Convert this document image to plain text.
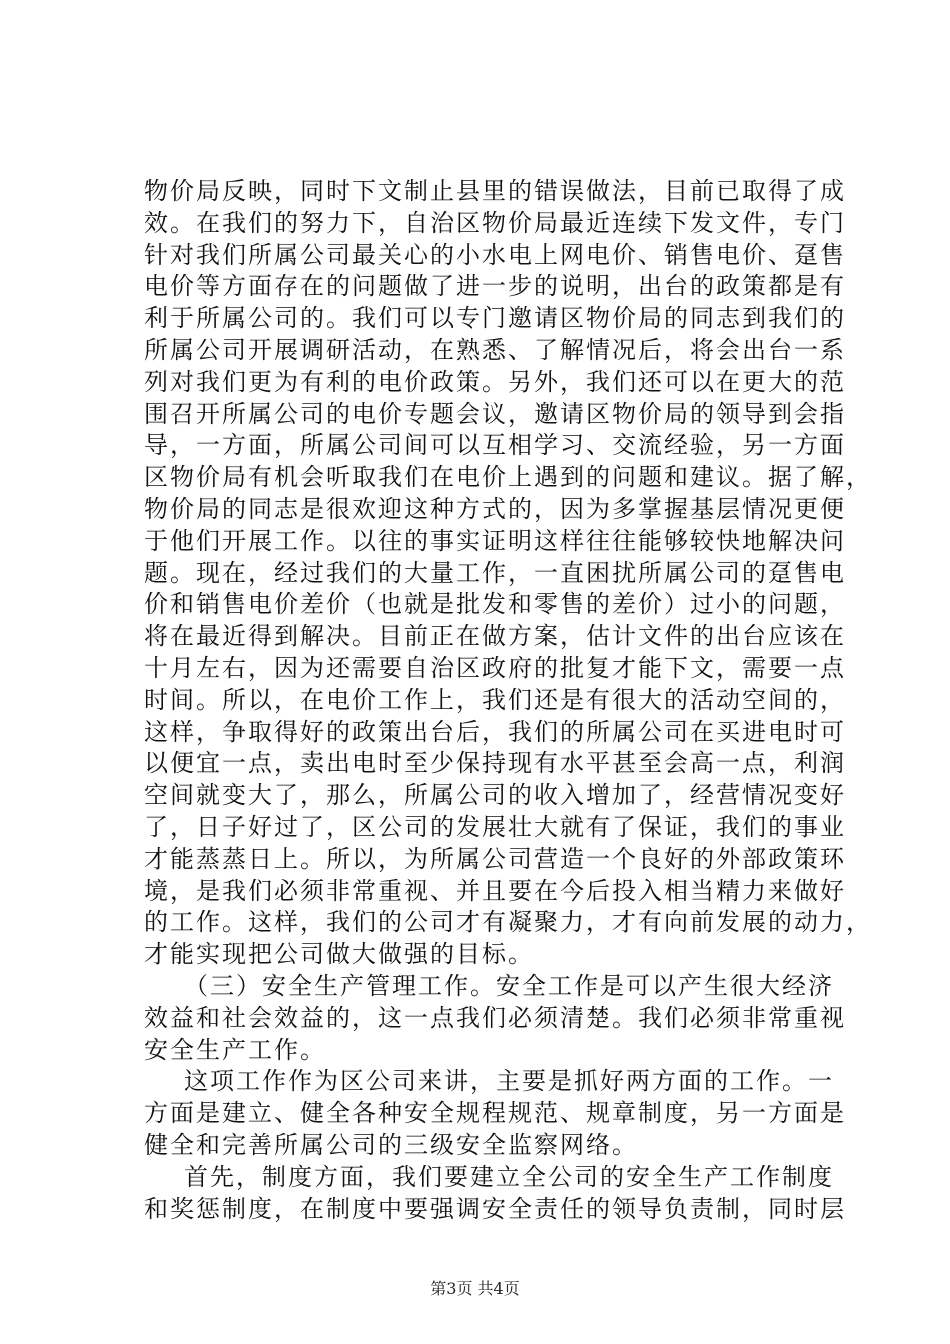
物价局反映，同时下文制止县里的错误做法，目前已取得了成
效。在我们的努力下，自治区物价局最近连续下发文件，专门
针对我们所属公司最关心的小水电上网电价、销售电价、趸售
电价等方面存在的问题做了进一步的说明，出台的政策都是有
利于所属公司的。我们可以专门邀请区物价局的同志到我们的
所属公司开展调研活动，在熟悉、了解情况后，将会出台一系
列对我们更为有利的电价政策。另外，我们还可以在更大的范
围召开所属公司的电价专题会议，邀请区物价局的领导到会指
导，一方面，所属公司间可以互相学习、交流经验，另一方面
区物价局有机会听取我们在电价上遇到的问题和建议。据了解，
物价局的同志是很欢迎这种方式的，因为多掌握基层情况更便
于他们开展工作。以往的事实证明这样往往能够较快地解决问
题。现在，经过我们的大量工作，一直困扰所属公司的趸售电
价和销售电价差价（也就是批发和零售的差价）过小的问题，
将在最近得到解决。目前正在做方案，估计文件的出台应该在
十月左右，因为还需要自治区政府的批复才能下文，需要一点
时间。所以，在电价工作上，我们还是有很大的活动空间的，
这样，争取得好的政策出台后，我们的所属公司在买进电时可
以便宜一点，卖出电时至少保持现有水平甚至会高一点，利润
空间就变大了，那么，所属公司的收入增加了，经营情况变好
了，日子好过了，区公司的发展壮大就有了保证，我们的事业
才能蒸蒸日上。所以，为所属公司营造一个良好的外部政策环
境，是我们必须非常重视、并且要在今后投入相当精力来做好
的工作。这样，我们的公司才有凝聚力，才有向前发展的动力，
才能实现把公司做大做强的目标。
（三）安全生产管理工作。安全工作是可以产生很大经济
效益和社会效益的，这一点我们必须清楚。我们必须非常重视
安全生产工作。
这项工作作为区公司来讲，主要是抓好两方面的工作。一
方面是建立、健全各种安全规程规范、规章制度，另一方面是
健全和完善所属公司的三级安全监察网络。
首先，制度方面，我们要建立全公司的安全生产工作制度
和奖惩制度，在制度中要强调安全责任的领导负责制，同时层
第3页 共4页
